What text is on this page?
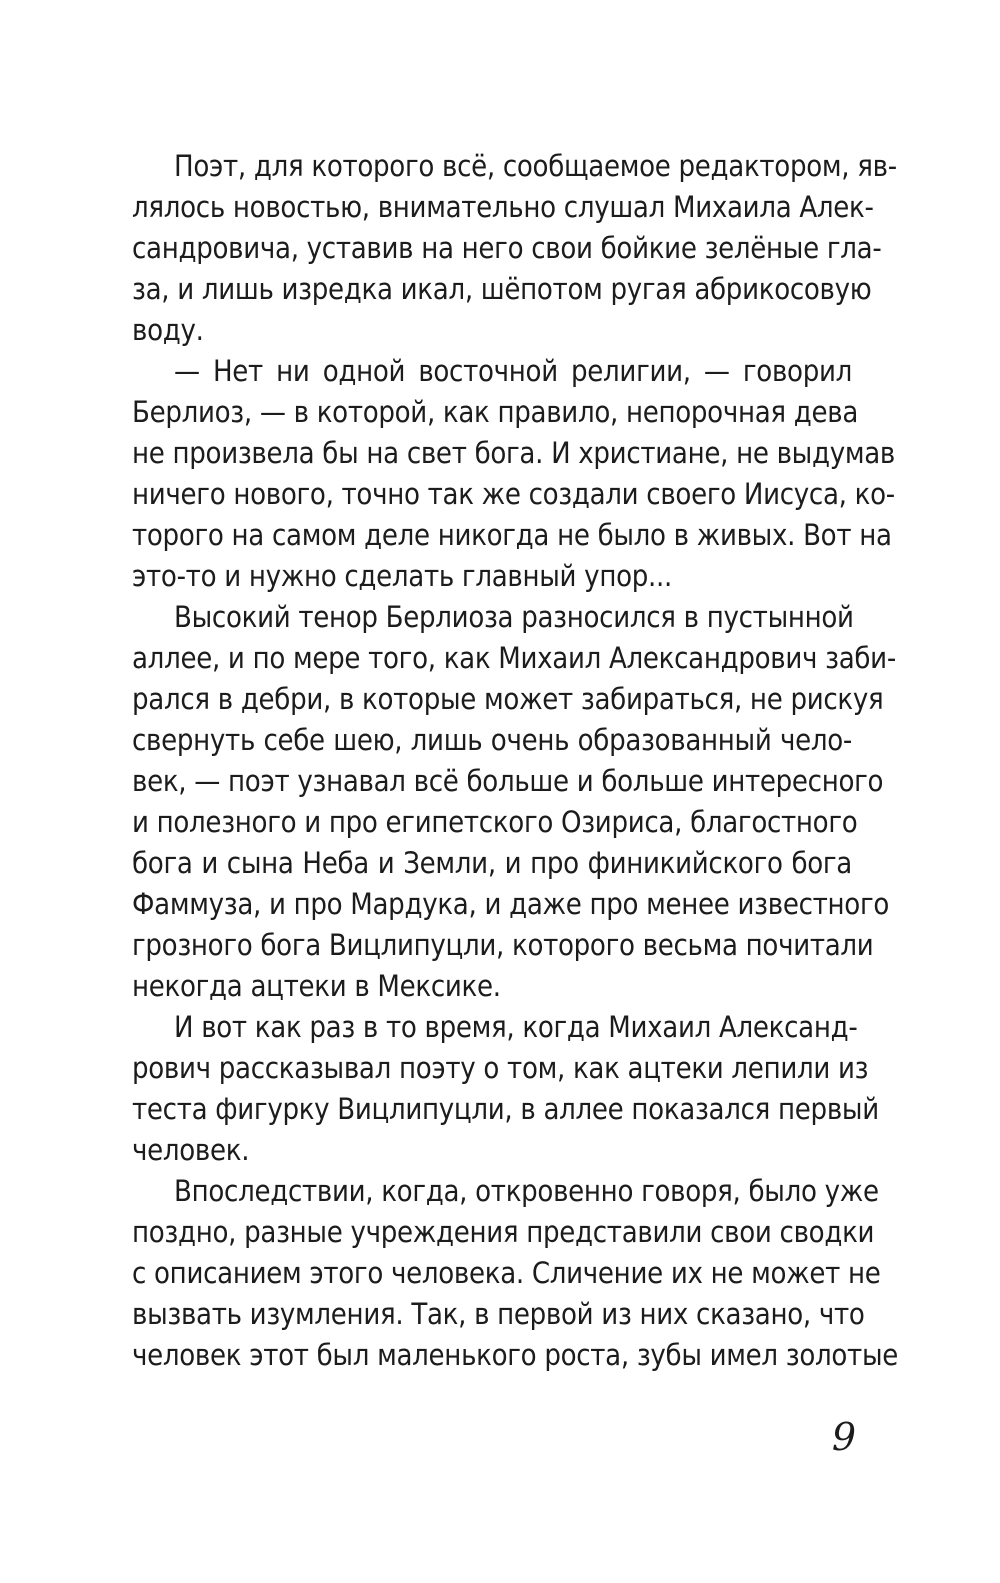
Поэт, для которого всё, сообщаемое редактором, яв-
лялось новостью, внимательно слушал Михаила Алек-
сандровича, уставив на него свои бойкие зелёные гла-
за, и лишь изредка икал, шёпотом ругая абрикосовую
воду.
— Нет ни одной восточной религии, — говорил
Берлиоз, — в которой, как правило, непорочная дева
не произвела бы на свет бога. И христиане, не выдумав
ничего нового, точно так же создали своего Иисуса, ко-
торого на самом деле никогда не было в живых. Вот на
это-то и нужно сделать главный упор...
Высокий тенор Берлиоза разносился в пустынной
аллее, и по мере того, как Михаил Александрович заби-
рался в дебри, в которые может забираться, не рискуя
свернуть себе шею, лишь очень образованный чело-
век, — поэт узнавал всё больше и больше интересного
и полезного и про египетского Озириса, благостного
бога и сына Неба и Земли, и про финикийского бога
Фаммуза, и про Мардука, и даже про менее известного
грозного бога Вицлипуцли, которого весьма почитали
некогда ацтеки в Мексике.
И вот как раз в то время, когда Михаил Александ-
рович рассказывал поэту о том, как ацтеки лепили из
теста фигурку Вицлипуцли, в аллее показался первый
человек.
Впоследствии, когда, откровенно говоря, было уже
поздно, разные учреждения представили свои сводки
с описанием этого человека. Сличение их не может не
вызвать изумления. Так, в первой из них сказано, что
человек этот был маленького роста, зубы имел золотые
9
